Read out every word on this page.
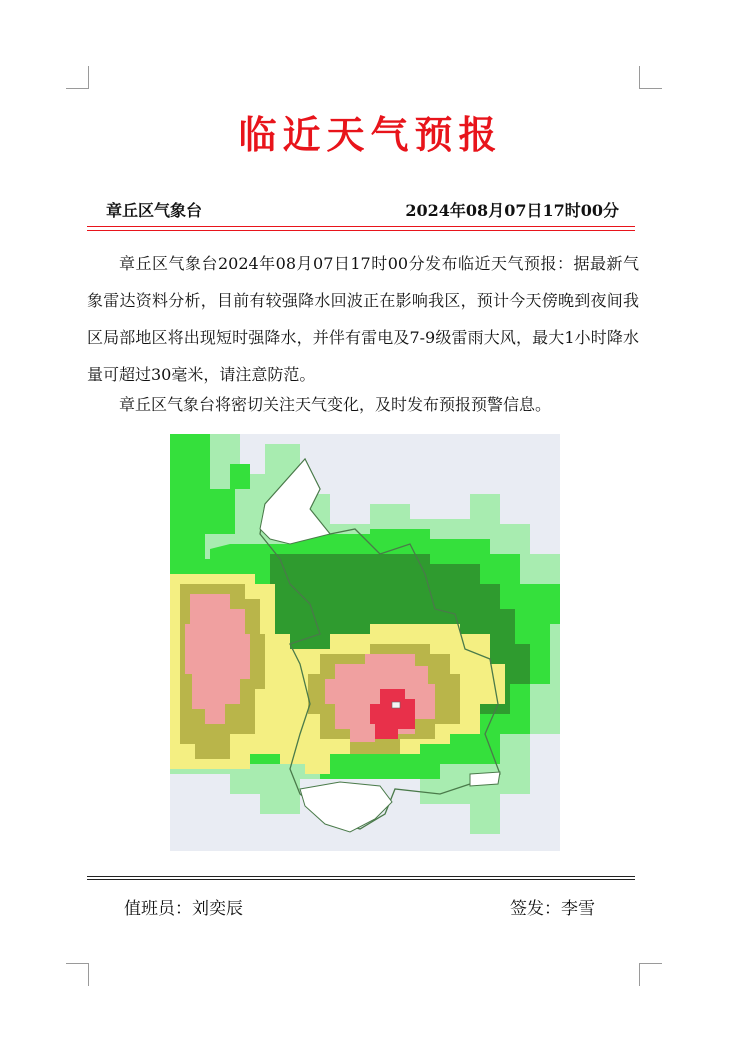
临近天气预报
章丘区气象台	2024年08月07日17时00分
章丘区气象台2024年08月07日17时00分发布临近天气预报：据最新气象雷达资料分析，目前有较强降水回波正在影响我区，预计今天傍晚到夜间我区局部地区将出现短时强降水，并伴有雷电及7-9级雷雨大风，最大1小时降水量可超过30毫米，请注意防范。
章丘区气象台将密切关注天气变化，及时发布预报预警信息。
值班员：刘奕辰	签发：李雪
